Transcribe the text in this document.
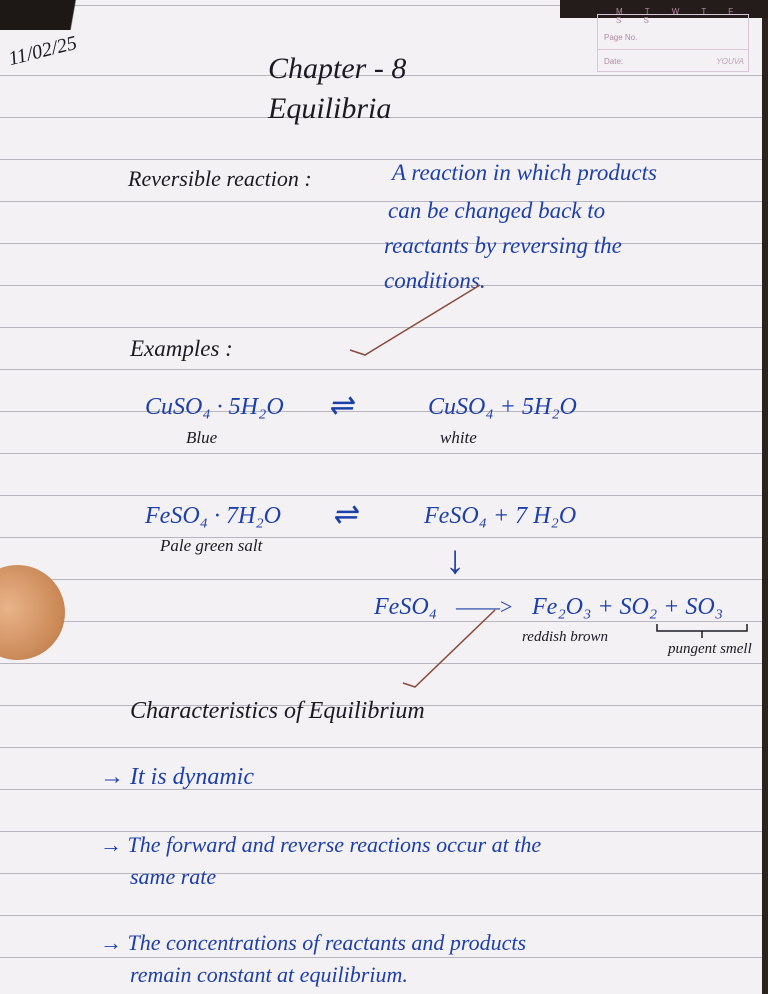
M T W T F S S
Page No.
Date:	YOUVA
11/02/25	Chapter - 8
Equilibria
Reversible reaction :	A reaction in which products
can be changed back to
reactants by reversing the
conditions.
Examples :
CuSO₄ · 5H₂O ⇌	CuSO₄ + 5H₂O
Blue	white
FeSO₄ · 7H₂O ⇌	FeSO₄ + 7 H₂O
Pale green salt	↓
FeSO₄ ——> Fe₂O₃ + SO₂ + SO₃
reddish brown
pungent smell
Characteristics of Equilibrium
→ It is dynamic
→ The forward and reverse reactions occur at the
same rate
→ The concentrations of reactants and products
remain constant at equilibrium.
